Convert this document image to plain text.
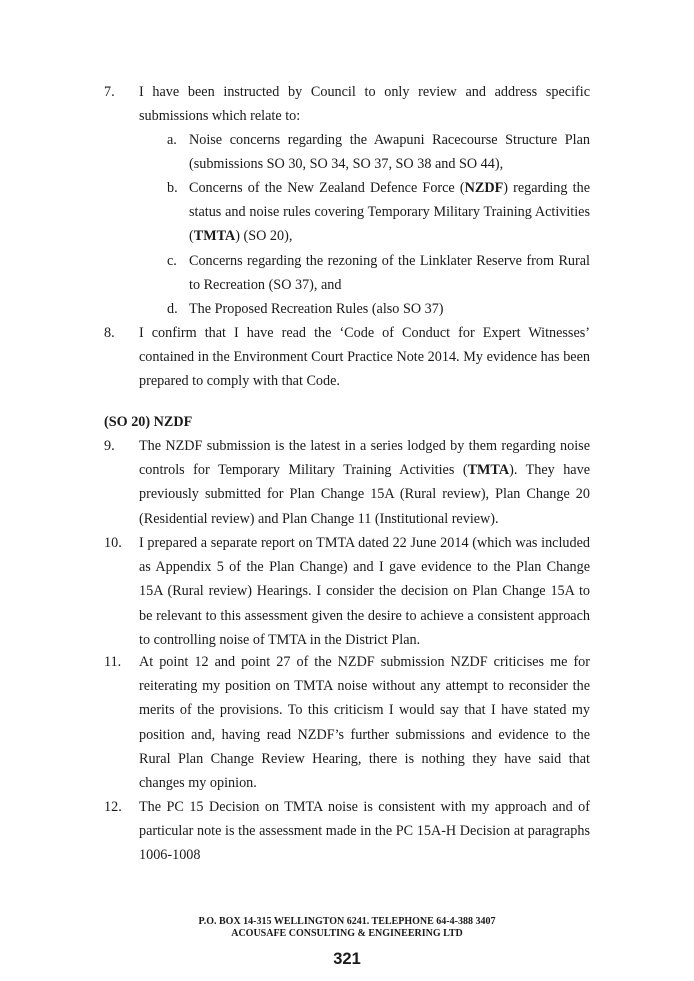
7. I have been instructed by Council to only review and address specific submissions which relate to:
a. Noise concerns regarding the Awapuni Racecourse Structure Plan (submissions SO 30, SO 34, SO 37, SO 38 and SO 44),
b. Concerns of the New Zealand Defence Force (NZDF) regarding the status and noise rules covering Temporary Military Training Activities (TMTA) (SO 20),
c. Concerns regarding the rezoning of the Linklater Reserve from Rural to Recreation (SO 37), and
d. The Proposed Recreation Rules (also SO 37)
8. I confirm that I have read the ‘Code of Conduct for Expert Witnesses’ contained in the Environment Court Practice Note 2014. My evidence has been prepared to comply with that Code.
(SO 20) NZDF
9. The NZDF submission is the latest in a series lodged by them regarding noise controls for Temporary Military Training Activities (TMTA). They have previously submitted for Plan Change 15A (Rural review), Plan Change 20 (Residential review) and Plan Change 11 (Institutional review).
10. I prepared a separate report on TMTA dated 22 June 2014 (which was included as Appendix 5 of the Plan Change) and I gave evidence to the Plan Change 15A (Rural review) Hearings. I consider the decision on Plan Change 15A to be relevant to this assessment given the desire to achieve a consistent approach to controlling noise of TMTA in the District Plan.
11. At point 12 and point 27 of the NZDF submission NZDF criticises me for reiterating my position on TMTA noise without any attempt to reconsider the merits of the provisions. To this criticism I would say that I have stated my position and, having read NZDF’s further submissions and evidence to the Rural Plan Change Review Hearing, there is nothing they have said that changes my opinion.
12. The PC 15 Decision on TMTA noise is consistent with my approach and of particular note is the assessment made in the PC 15A-H Decision at paragraphs 1006-1008
P.O. BOX 14-315 WELLINGTON 6241. TELEPHONE 64-4-388 3407
ACOUSAFE CONSULTING & ENGINEERING LTD
321
